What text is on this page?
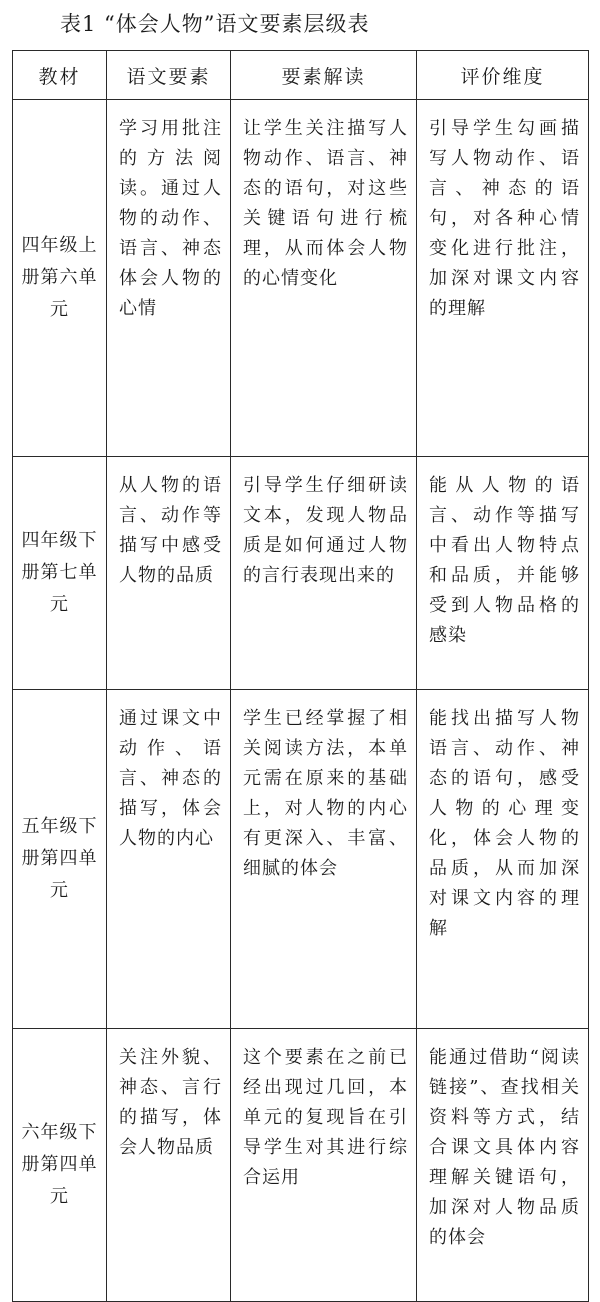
表1 “体会人物”语文要素层级表
教材	语文要素	要素解读	评价维度
四年级上册第六单元	学习用批注的方法阅读。通过人物的动作、语言、神态体会人物的心情	让学生关注描写人物动作、语言、神态的语句，对这些关键语句进行梳理，从而体会人物的心情变化	引导学生勾画描写人物动作、语言、神态的语句，对各种心情变化进行批注，加深对课文内容的理解
四年级下册第七单元	从人物的语言、动作等描写中感受人物的品质	引导学生仔细研读文本，发现人物品质是如何通过人物的言行表现出来的	能从人物的语言、动作等描写中看出人物特点和品质，并能够受到人物品格的感染
五年级下册第四单元	通过课文中动作、语言、神态的描写，体会人物的内心	学生已经掌握了相关阅读方法，本单元需在原来的基础上，对人物的内心有更深入、丰富、细腻的体会	能找出描写人物语言、动作、神态的语句，感受人物的心理变化，体会人物的品质，从而加深对课文内容的理解
六年级下册第四单元	关注外貌、神态、言行的描写，体会人物品质	这个要素在之前已经出现过几回，本单元的复现旨在引导学生对其进行综合运用	能通过借助“阅读链接”、查找相关资料等方式，结合课文具体内容理解关键语句，加深对人物品质的体会
